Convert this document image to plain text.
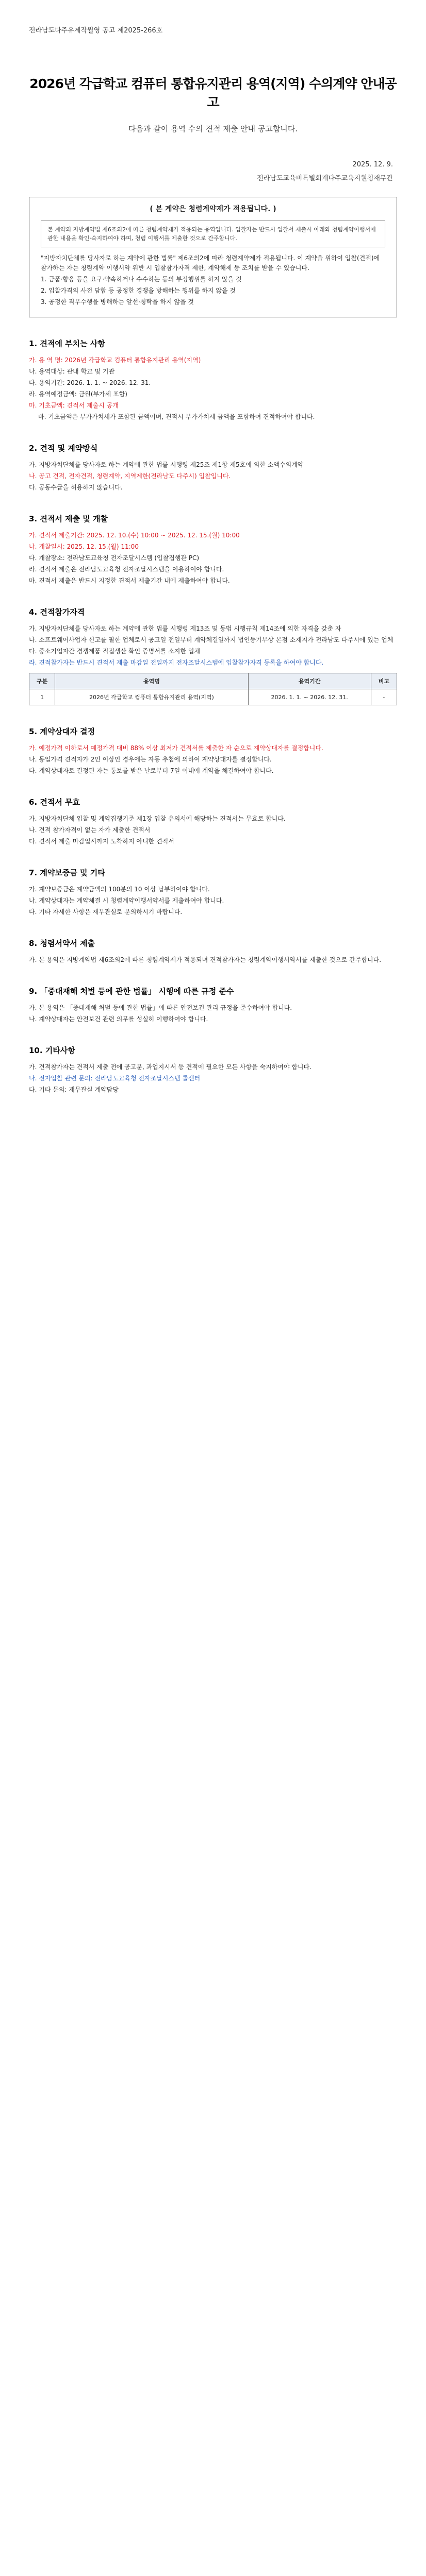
전라남도다주유제작월영 공고 제2025-266호
2026년 각급학교 컴퓨터 통합유지관리 용역(지역) 수의계약 안내공고
다음과 같이 용역 수의 견적 제출 안내 공고합니다.
2025. 12. 9.
전라남도교육비특별회계다주교육지원청재무관
( 본 계약은 청렴계약제가 적용됩니다. )
본 계약의 지방계약법 제6조의2에 따른 청렴계약제가 적용되는 용역입니다. 입찰자는 반드시 입찰서 제출시 아래와 청렴계약이행서에 관한 내용을 확인·숙지하여야 하며, 청렴 이행서를 제출한 것으로 간주합니다.
"지방자치단체를 당사자로 하는 계약에 관한 법률" 제6조의2에 따라 청렴계약제가 적용됩니다. 이 계약을 위하여 입찰(견적)에 참가하는 자는 청렴계약 이행서약 위반 시 입찰참가자격 제한, 계약해제 등 조치를 받을 수 있습니다.
1. 금품·향응 등을 요구·약속하거나 수수하는 등의 부정행위를 하지 않을 것
2. 입찰가격의 사전 담합 등 공정한 경쟁을 방해하는 행위를 하지 않을 것
3. 공정한 직무수행을 방해하는 알선·청탁을 하지 않을 것
1. 견적에 부치는 사항
가. 용 역 명: 2026년 각급학교 컴퓨터 통합유지관리 용역(지역)
나. 용역대상: 관내 학교 및 기관
다. 용역기간: 2026. 1. 1. ~ 2026. 12. 31.
라. 용역예정금액: 금원(부가세 포함)
마. 기초금액: 견적서 제출시 공개
바. 기초금액은 부가가치세가 포함된 금액이며, 견적시 부가가치세 금액을 포함하여 견적하여야 합니다.
2. 견적 및 계약방식
가. 지방자치단체를 당사자로 하는 계약에 관한 법률 시행령 제25조 제1항 제5호에 의한 소액수의계약
나. 공고 견적, 전자견적, 청렴계약, 지역제한(전라남도 다주시) 입찰입니다.
다. 공동수급을 허용하지 않습니다.
3. 견적서 제출 및 개찰
가. 견적서 제출기간: 2025. 12. 10.(수) 10:00 ~ 2025. 12. 15.(월) 10:00
나. 개찰일시: 2025. 12. 15.(월) 11:00
다. 개찰장소: 전라남도교육청 전자조달시스템 (입찰집행관 PC)
라. 견적서 제출은 전라남도교육청 전자조달시스템을 이용하여야 합니다.
마. 견적서 제출은 반드시 지정한 견적서 제출기간 내에 제출하여야 합니다.
4. 견적참가자격
가. 지방자치단체를 당사자로 하는 계약에 관한 법률 시행령 제13조 및 동법 시행규칙 제14조에 의한 자격을 갖춘 자
나. 소프트웨어사업자 신고를 필한 업체로서 공고일 전일부터 계약체결일까지 법인등기부상 본점 소재지가 전라남도 다주시에 있는 업체
다. 중소기업자간 경쟁제품 직접생산 확인 증명서를 소지한 업체
라. 견적참가자는 반드시 견적서 제출 마감일 전일까지 전자조달시스템에 입찰참가자격 등록을 하여야 합니다.
구분	용역명	용역기간	비고
1	2026년 각급학교 컴퓨터 통합유지관리 용역(지역)	2026. 1. 1. ~ 2026. 12. 31.	-
5. 계약상대자 결정
가. 예정가격 이하로서 예정가격 대비 88% 이상 최저가 견적서를 제출한 자 순으로 계약상대자를 결정합니다.
나. 동일가격 견적자가 2인 이상인 경우에는 자동 추첨에 의하여 계약상대자를 결정합니다.
다. 계약상대자로 결정된 자는 통보를 받은 날로부터 7일 이내에 계약을 체결하여야 합니다.
6. 견적서 무효
가. 지방자치단체 입찰 및 계약집행기준 제1장 입찰 유의서에 해당하는 견적서는 무효로 합니다.
나. 견적 참가자격이 없는 자가 제출한 견적서
다. 견적서 제출 마감일시까지 도착하지 아니한 견적서
7. 계약보증금 및 기타
가. 계약보증금은 계약금액의 100분의 10 이상 납부하여야 합니다.
나. 계약상대자는 계약체결 시 청렴계약이행서약서를 제출하여야 합니다.
다. 기타 자세한 사항은 재무관실로 문의하시기 바랍니다.
8. 청렴서약서 제출
가. 본 용역은 지방계약법 제6조의2에 따른 청렴계약제가 적용되며 견적참가자는 청렴계약이행서약서를 제출한 것으로 간주합니다.
9. 「중대재해 처벌 등에 관한 법률」 시행에 따른 규정 준수
가. 본 용역은 「중대재해 처벌 등에 관한 법률」에 따른 안전보건 관리 규정을 준수하여야 합니다.
나. 계약상대자는 안전보건 관련 의무를 성실히 이행하여야 합니다.
10. 기타사항
가. 견적참가자는 견적서 제출 전에 공고문, 과업지시서 등 견적에 필요한 모든 사항을 숙지하여야 합니다.
나. 전자입찰 관련 문의: 전라남도교육청 전자조달시스템 콜센터
다. 기타 문의: 재무관실 계약담당
